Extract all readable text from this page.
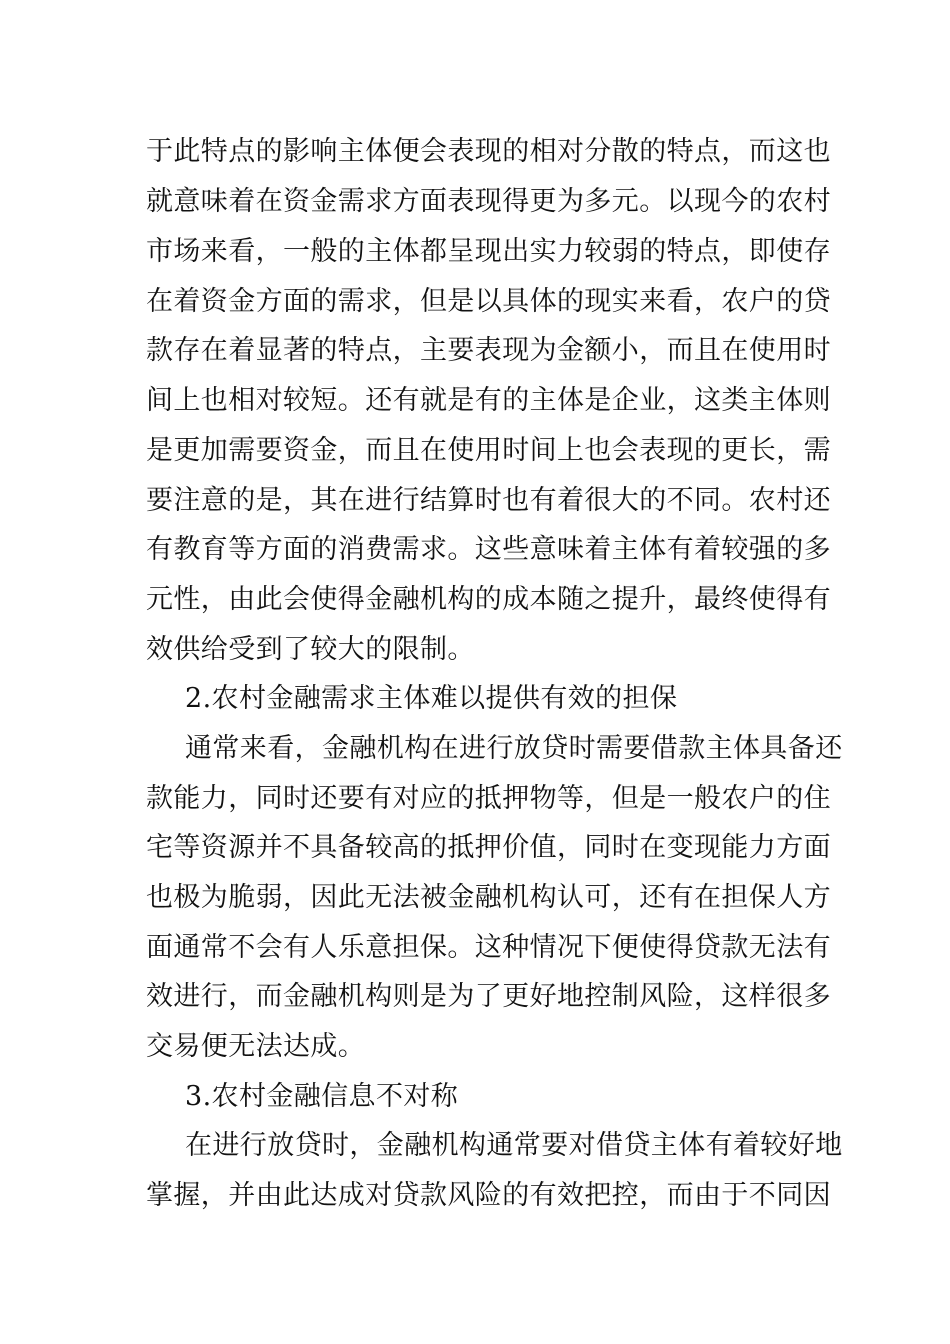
于此特点的影响主体便会表现的相对分散的特点，而这也
就意味着在资金需求方面表现得更为多元。以现今的农村
市场来看，一般的主体都呈现出实力较弱的特点，即使存
在着资金方面的需求，但是以具体的现实来看，农户的贷
款存在着显著的特点，主要表现为金额小，而且在使用时
间上也相对较短。还有就是有的主体是企业，这类主体则
是更加需要资金，而且在使用时间上也会表现的更长，需
要注意的是，其在进行结算时也有着很大的不同。农村还
有教育等方面的消费需求。这些意味着主体有着较强的多
元性，由此会使得金融机构的成本随之提升，最终使得有
效供给受到了较大的限制。
2.农村金融需求主体难以提供有效的担保
通常来看，金融机构在进行放贷时需要借款主体具备还
款能力，同时还要有对应的抵押物等，但是一般农户的住
宅等资源并不具备较高的抵押价值，同时在变现能力方面
也极为脆弱，因此无法被金融机构认可，还有在担保人方
面通常不会有人乐意担保。这种情况下便使得贷款无法有
效进行，而金融机构则是为了更好地控制风险，这样很多
交易便无法达成。
3.农村金融信息不对称
在进行放贷时，金融机构通常要对借贷主体有着较好地
掌握，并由此达成对贷款风险的有效把控，而由于不同因
